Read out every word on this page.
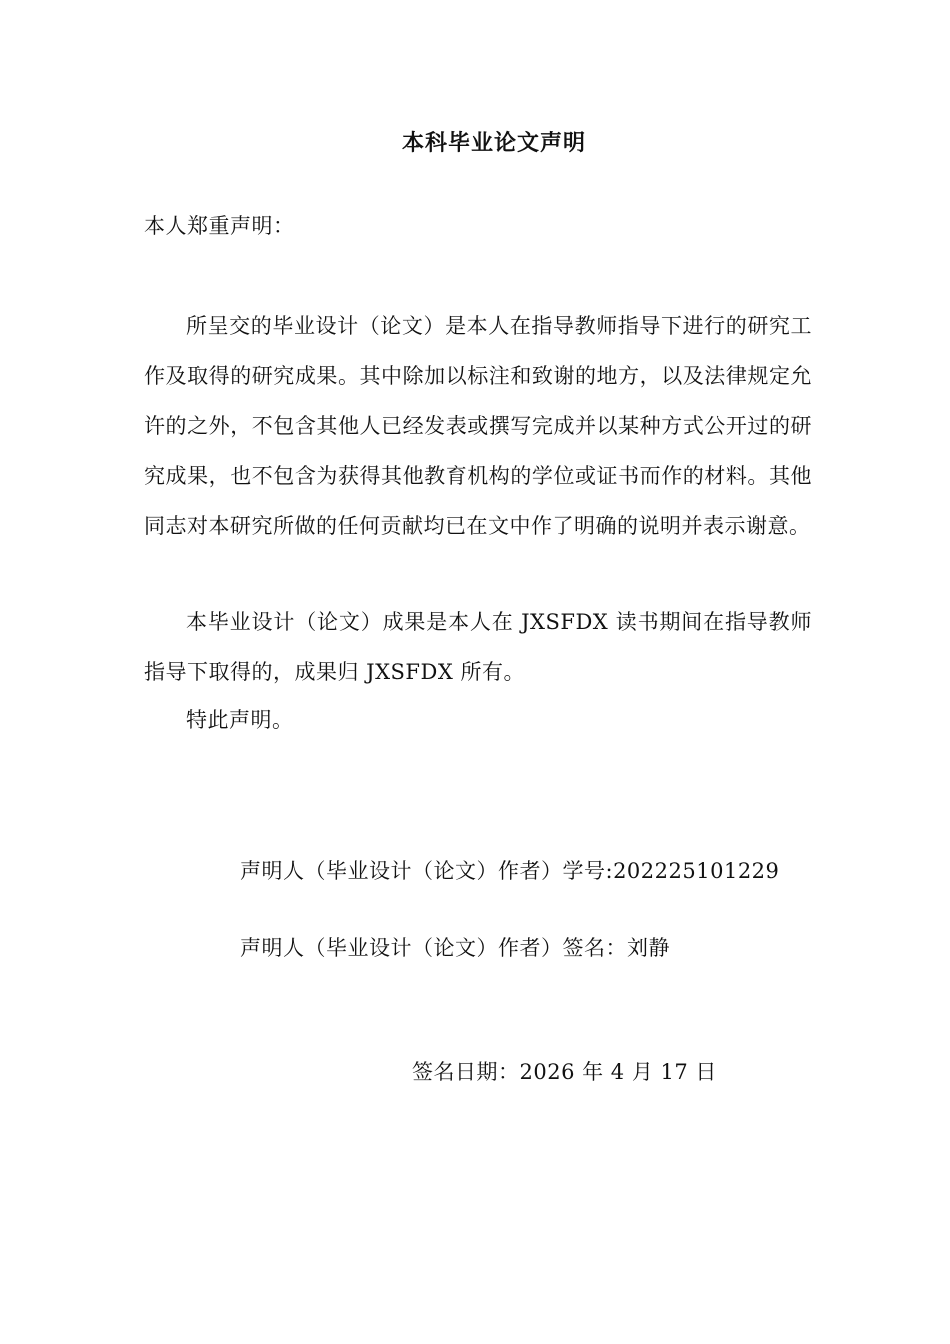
本科毕业论文声明
本人郑重声明：

所呈交的毕业设计（论文）是本人在指导教师指导下进行的研究工作及取得的研究成果。其中除加以标注和致谢的地方，以及法律规定允许的之外，不包含其他人已经发表或撰写完成并以某种方式公开过的研究成果，也不包含为获得其他教育机构的学位或证书而作的材料。其他同志对本研究所做的任何贡献均已在文中作了明确的说明并表示谢意。

本毕业设计（论文）成果是本人在 JXSFDX 读书期间在指导教师指导下取得的，成果归 JXSFDX 所有。

特此声明。

声明人（毕业设计（论文）作者）学号:202225101229
声明人（毕业设计（论文）作者）签名：刘静
签名日期：2026 年 4 月 17 日
